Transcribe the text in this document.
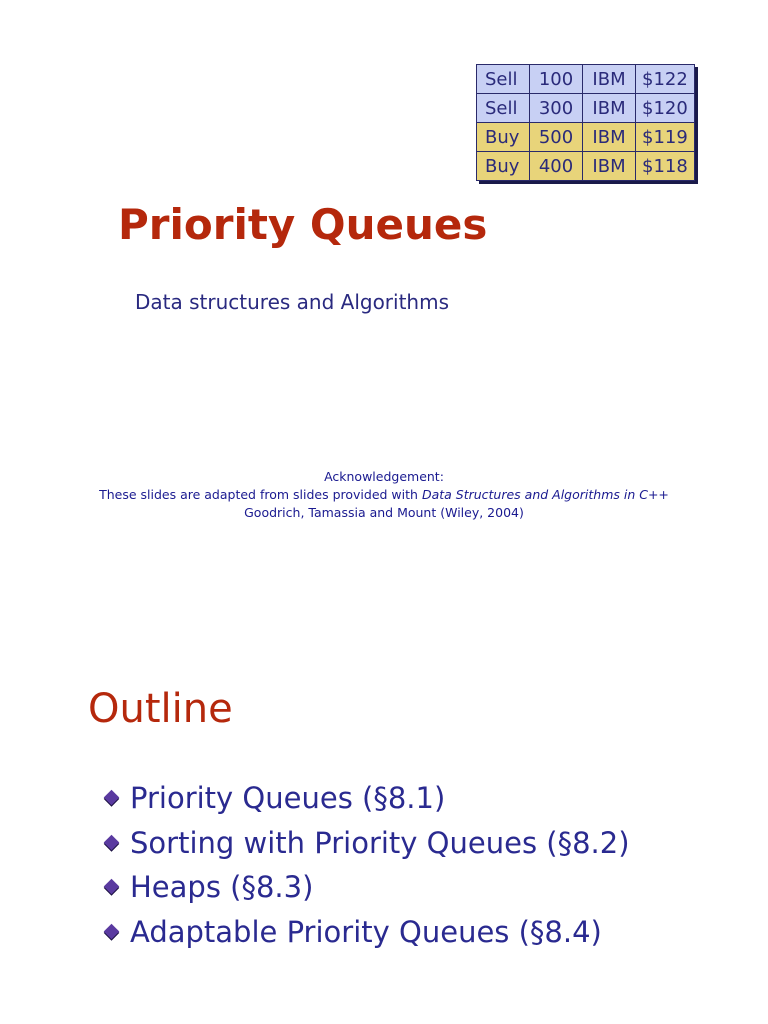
Sell	100	IBM	$122
Sell	300	IBM	$120
Buy	500	IBM	$119
Buy	400	IBM	$118
Priority Queues
Data structures and Algorithms
Acknowledgement:
These slides are adapted from slides provided with Data Structures and Algorithms in C++
Goodrich, Tamassia and Mount (Wiley, 2004)
Outline
Priority Queues (§8.1)
Sorting with Priority Queues (§8.2)
Heaps (§8.3)
Adaptable Priority Queues (§8.4)
